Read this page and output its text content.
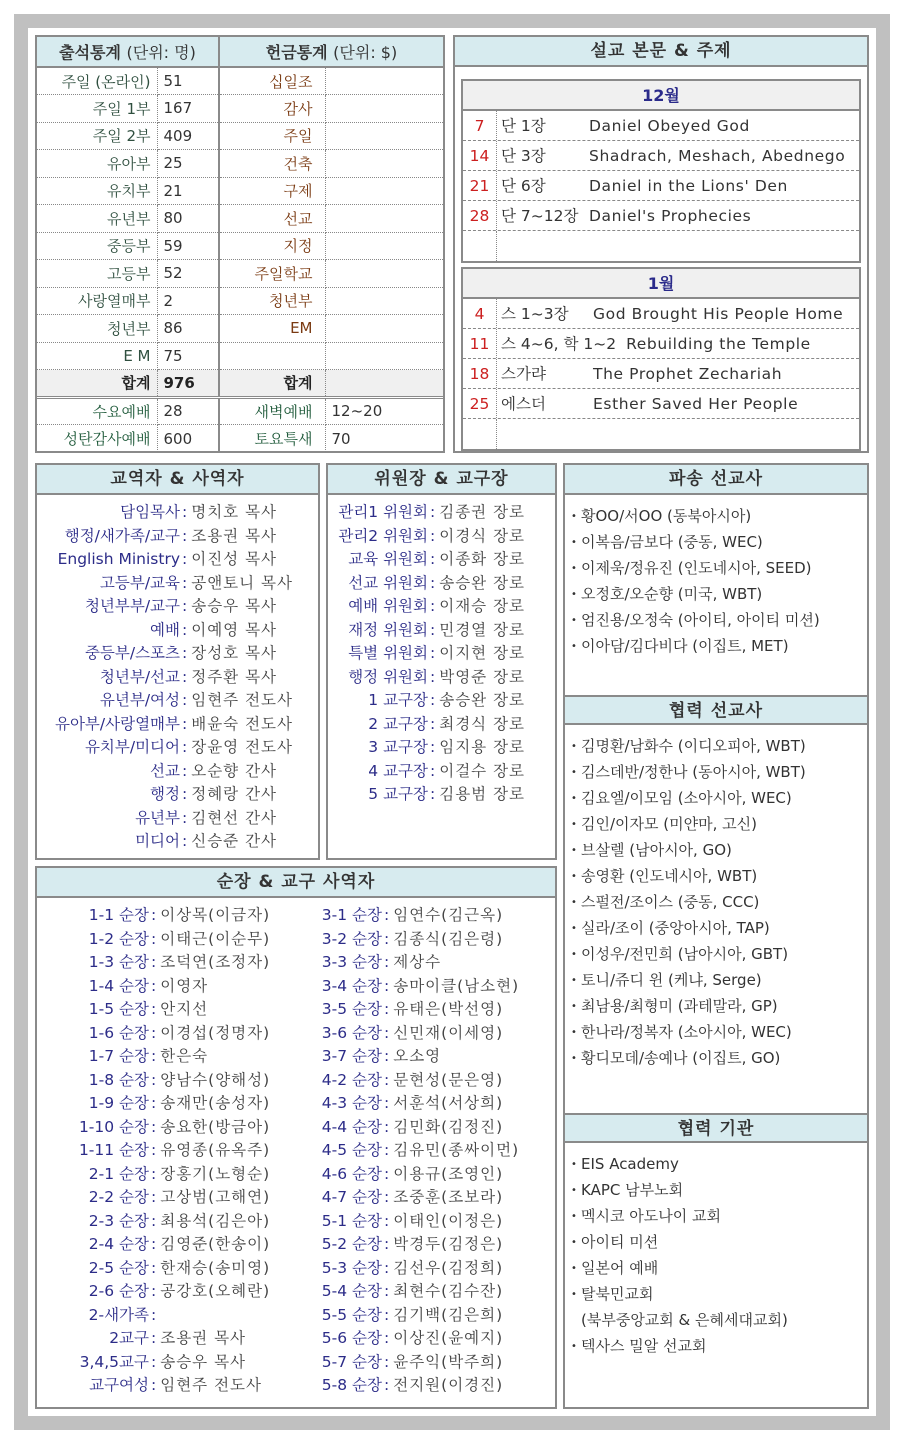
출석통계 (단위: 명)		헌금통계 (단위: $)	
주일 (온라인)	51	십일조	
주일 1부	167	감사	
주일 2부	409	주일	
유아부	25	건축	
유치부	21	구제	
유년부	80	선교	
중등부	59	지정	
고등부	52	주일학교	
사랑열매부	2	청년부	
청년부	86	EM	
E M	75		
합계	976	합계	
수요예배	28	새벽예배	12~20
성탄감사예배	600	토요특새	70
설교 본문 & 주제
12월
7	단 1장	Daniel Obeyed God
14 단 3장	Shadrach, Meshach, Abednego
21 단 6장	Daniel in the Lions' Den
28 단 7~12장 Daniel's Prophecies
1월
4	스 1~3장	God Brought His People Home
11 스 4~6, 학 1~2 Rebuilding the Temple
18 스가랴	The Prophet Zechariah
25 에스더	Esther Saved Her People
교역자 & 사역자
담임목사 : 명치호 목사
행정/새가족/교구 : 조용권 목사
English Ministry : 이진성 목사
고등부/교육 : 공앤토니 목사
청년부부/교구 : 송승우 목사
예배 : 이예영 목사
중등부/스포츠 : 장성호 목사
청년부/선교 : 정주환 목사
유년부/여성 : 임현주 전도사
유아부/사랑열매부 : 배윤숙 전도사
유치부/미디어 : 장윤영 전도사
선교 : 오순향 간사
행정 : 정혜랑 간사
유년부 : 김현선 간사
미디어 : 신승준 간사
위원장 & 교구장
관리1 위원회 : 김종권 장로
관리2 위원회 : 이경식 장로
교육 위원회 : 이종화 장로
선교 위원회 : 송승완 장로
예배 위원회 : 이재승 장로
재정 위원회 : 민경열 장로
특별 위원회 : 이지현 장로
행정 위원회 : 박영준 장로
1 교구장 : 송승완 장로
2 교구장 : 최경식 장로
3 교구장 : 임지용 장로
4 교구장 : 이걸수 장로
5 교구장 : 김용범 장로
파송 선교사
• 황OO/서OO (동북아시아)
• 이복음/금보다 (중동, WEC)
• 이제욱/정유진 (인도네시아, SEED)
• 오정호/오순향 (미국, WBT)
• 엄진용/오정숙 (아이티, 아이티 미션)
• 이아담/김다비다 (이집트, MET)
협력 선교사
• 김명환/남화수 (이디오피아, WBT)
• 김스데반/정한나 (동아시아, WBT)
• 김요엘/이모임 (소아시아, WEC)
• 김인/이자모 (미얀마, 고신)
• 브살렐 (남아시아, GO)
• 송영환 (인도네시아, WBT)
• 스펄전/조이스 (중동, CCC)
• 실라/조이 (중앙아시아, TAP)
• 이성우/전민희 (남아시아, GBT)
• 토니/쥬디 윈 (케냐, Serge)
• 최남용/최형미 (과테말라, GP)
• 한나라/정복자 (소아시아, WEC)
• 황디모데/송예나 (이집트, GO)
협력 기관
• EIS Academy
• KAPC 남부노회
• 멕시코 아도나이 교회
• 아이티 미션
• 일본어 예배
• 탈북민교회
(북부중앙교회 & 은혜세대교회)
• 텍사스 밀알 선교회
순장 & 교구 사역자
1-1 순장 : 이상목(이금자)
1-2 순장 : 이태근(이순무)
1-3 순장 : 조덕연(조정자)
1-4 순장 : 이영자
1-5 순장 : 안지선
1-6 순장 : 이경섭(정명자)
1-7 순장 : 한은숙
1-8 순장 : 양남수(양해성)
1-9 순장 : 송재만(송성자)
1-10 순장 : 송요한(방금아)
1-11 순장 : 유영종(유옥주)
2-1 순장 : 장홍기(노형순)
2-2 순장 : 고상범(고해연)
2-3 순장 : 최용석(김은아)
2-4 순장 : 김영준(한송이)
2-5 순장 : 한재승(송미영)
2-6 순장 : 공강호(오혜란)
2-새가족 :
2교구 : 조용권 목사
3,4,5교구 : 송승우 목사
교구여성 : 임현주 전도사
3-1 순장 : 임연수(김근옥)
3-2 순장 : 김종식(김은령)
3-3 순장 : 제상수
3-4 순장 : 송마이클(남소현)
3-5 순장 : 유태은(박선영)
3-6 순장 : 신민재(이세영)
3-7 순장 : 오소영
4-2 순장 : 문현성(문은영)
4-3 순장 : 서훈석(서상희)
4-4 순장 : 김민화(김정진)
4-5 순장 : 김유민(종싸이먼)
4-6 순장 : 이용규(조영인)
4-7 순장 : 조중훈(조보라)
5-1 순장 : 이태인(이정은)
5-2 순장 : 박경두(김정은)
5-3 순장 : 김선우(김정희)
5-4 순장 : 최현수(김수잔)
5-5 순장 : 김기백(김은희)
5-6 순장 : 이상진(윤예지)
5-7 순장 : 윤주익(박주희)
5-8 순장 : 전지원(이경진)
